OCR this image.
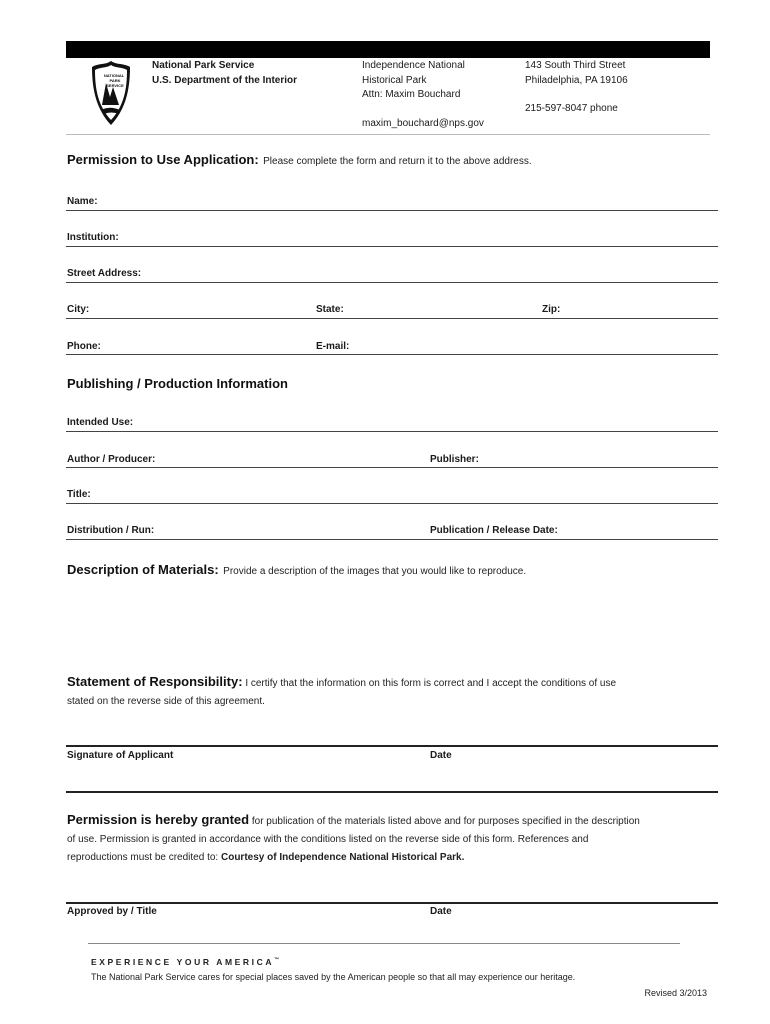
NATIONAL
PARK
SERVICE
National Park Service
U.S. Department of the Interior
Independence National
Historical Park
Attn: Maxim Bouchard
maxim_bouchard@nps.gov
143 South Third Street
Philadelphia, PA 19106
215-597-8047 phone
Permission to Use Application: Please complete the form and return it to the above address.
Name:
Institution:
Street Address:
City:	State:	Zip:
Phone:	E-mail:
Publishing / Production Information
Intended Use:
Author / Producer:	Publisher:
Title:
Distribution / Run:	Publication / Release Date:
Description of Materials: Provide a description of the images that you would like to reproduce.
Statement of Responsibility: I certify that the information on this form is correct and I accept the conditions of use
stated on the reverse side of this agreement.
Signature of Applicant	Date
Permission is hereby granted for publication of the materials listed above and for purposes specified in the description
of use. Permission is granted in accordance with the conditions listed on the reverse side of this form. References and
reproductions must be credited to: Courtesy of Independence National Historical Park.
Approved by / Title	Date
EXPERIENCE YOUR AMERICA™
The National Park Service cares for special places saved by the American people so that all may experience our heritage.
Revised 3/2013
